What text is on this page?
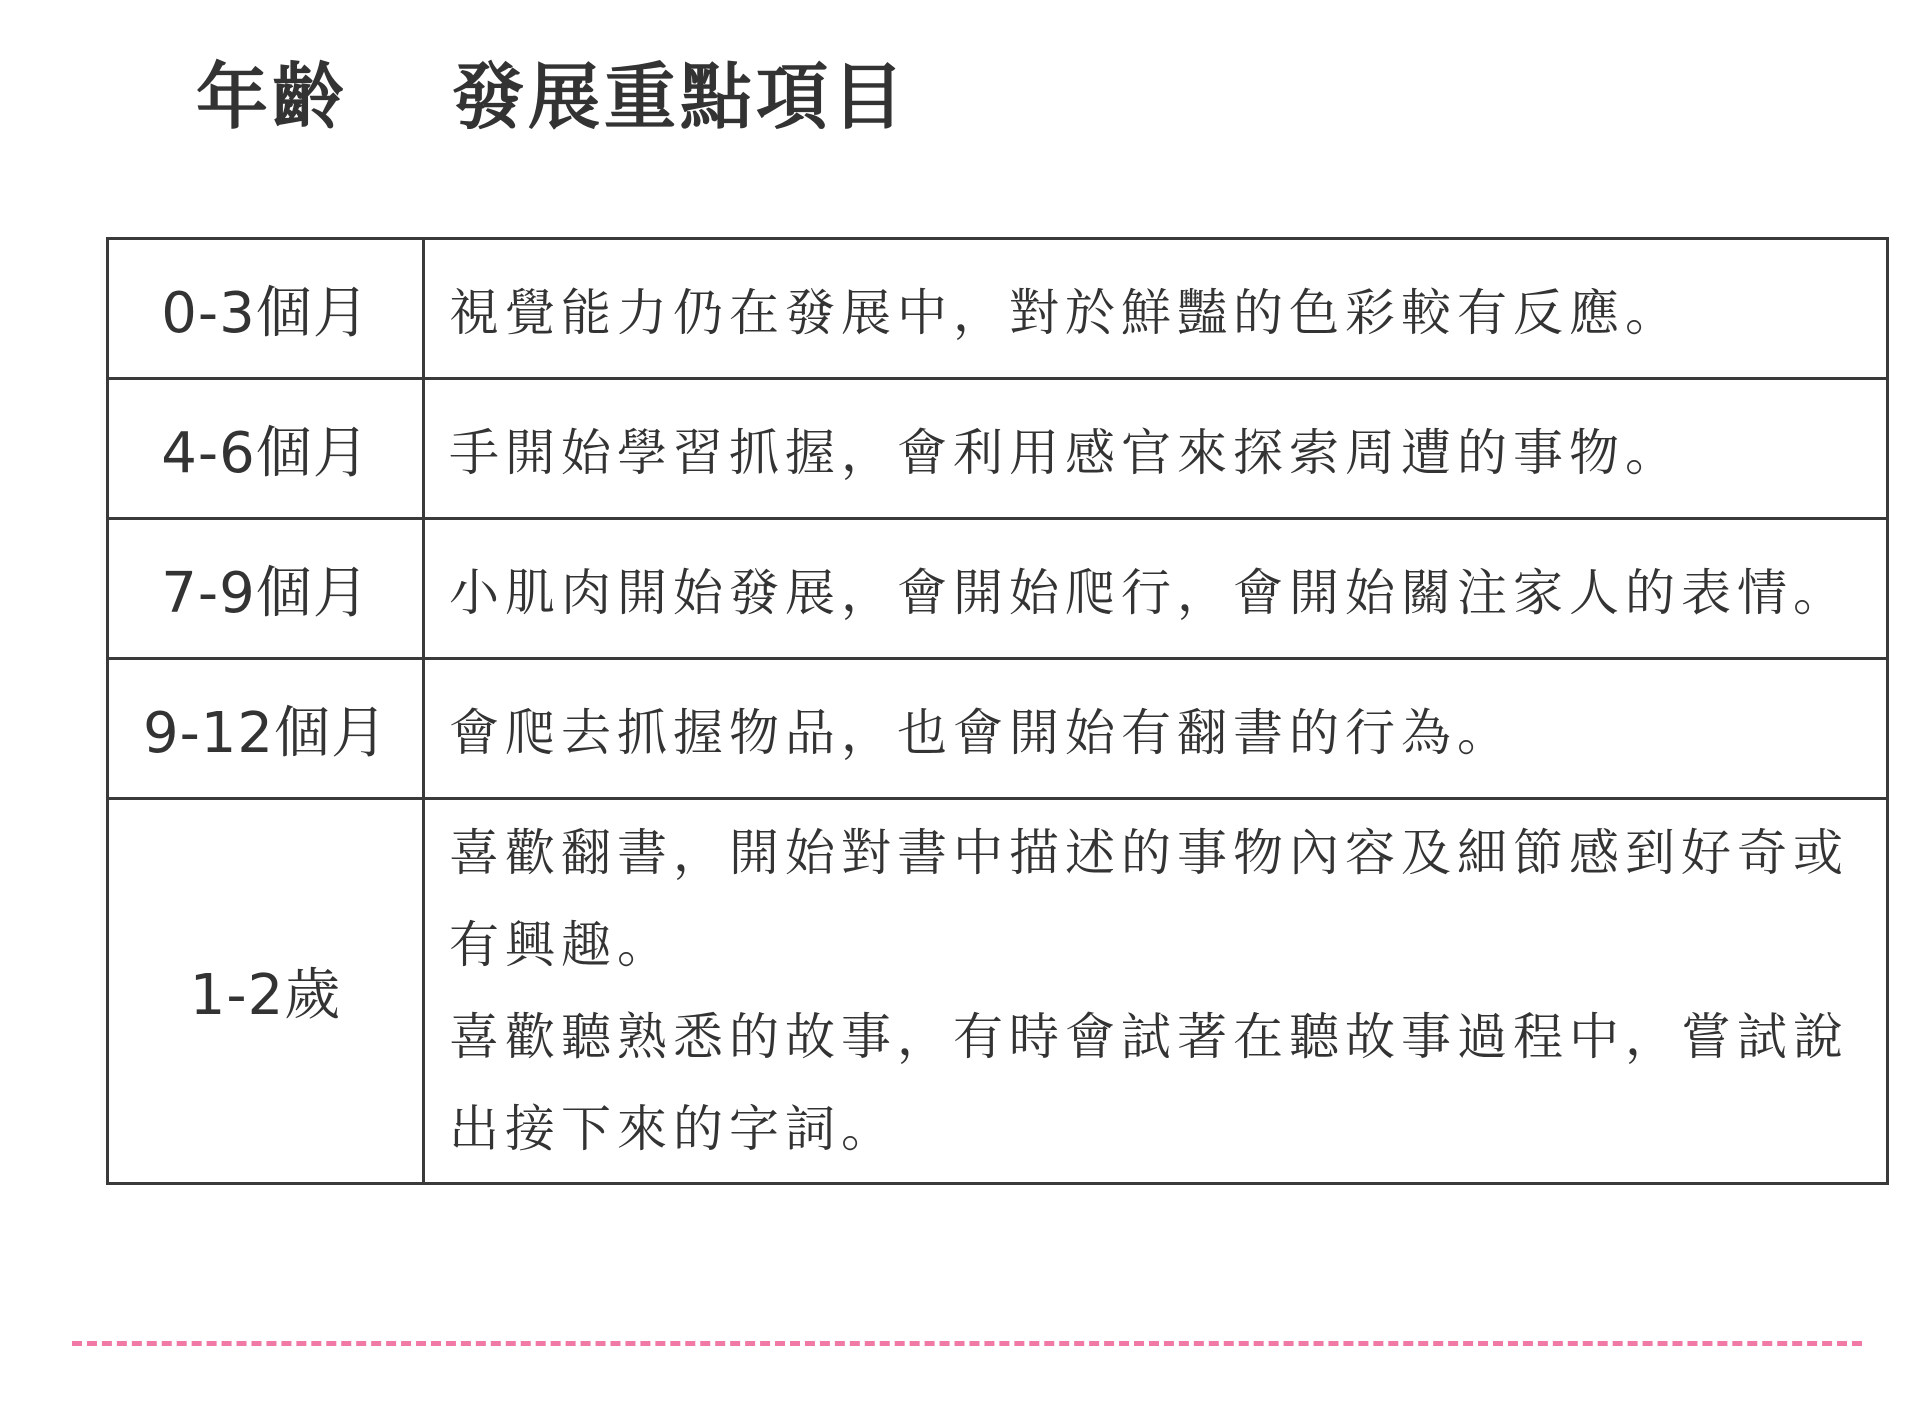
年齡 發展重點項目
0-3個月	視覺能力仍在發展中，對於鮮豔的色彩較有反應。
4-6個月	手開始學習抓握，會利用感官來探索周遭的事物。
7-9個月	小肌肉開始發展，會開始爬行，會開始關注家人的表情。
9-12個月	會爬去抓握物品，也會開始有翻書的行為。
1-2歲	喜歡翻書，開始對書中描述的事物內容及細節感到好奇或有興趣。
喜歡聽熟悉的故事，有時會試著在聽故事過程中，嘗試說出接下來的字詞。
